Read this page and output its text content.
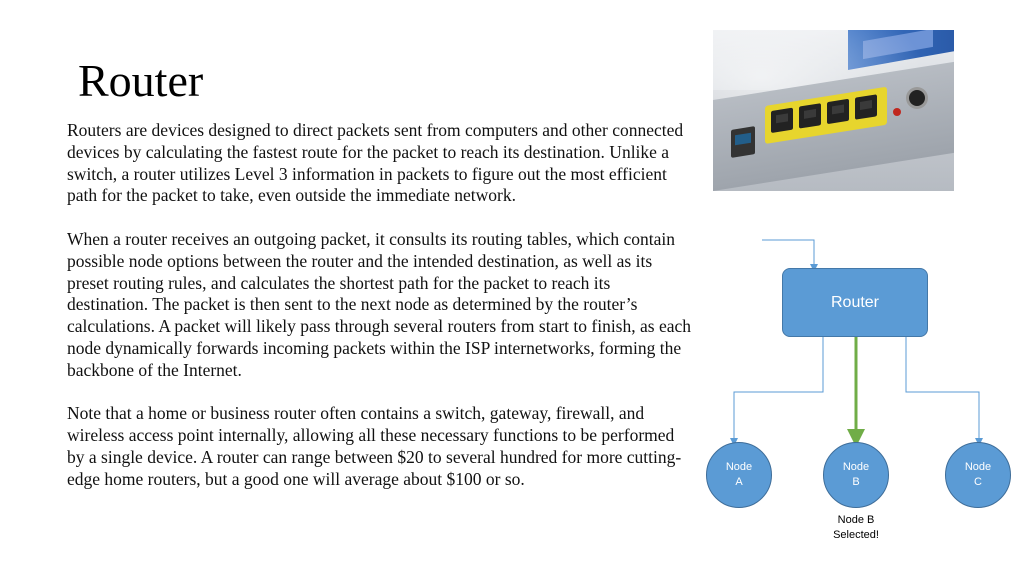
Router

Routers are devices designed to direct packets sent from computers and other connected devices by calculating the fastest route for the packet to reach its destination. Unlike a switch, a router utilizes Level 3 information in packets to figure out the most efficient path for the packet to take, even outside the immediate network.

When a router receives an outgoing packet, it consults its routing tables, which contain possible node options between the router and the intended destination, as well as its preset routing rules, and calculates the shortest path for the packet to reach its destination. The packet is then sent to the next node as determined by the router’s calculations. A packet will likely pass through several routers from start to finish, as each node dynamically forwards incoming packets within the ISP internetworks, forming the backbone of the Internet.

Note that a home or business router often contains a switch, gateway, firewall, and wireless access point internally, allowing all these necessary functions to be performed by a single device. A router can range between $20 to several hundred for more cutting-edge home routers, but a good one will average about $100 or so.

Router
Node
A
Node
B
Node
C
Node B
Selected!
